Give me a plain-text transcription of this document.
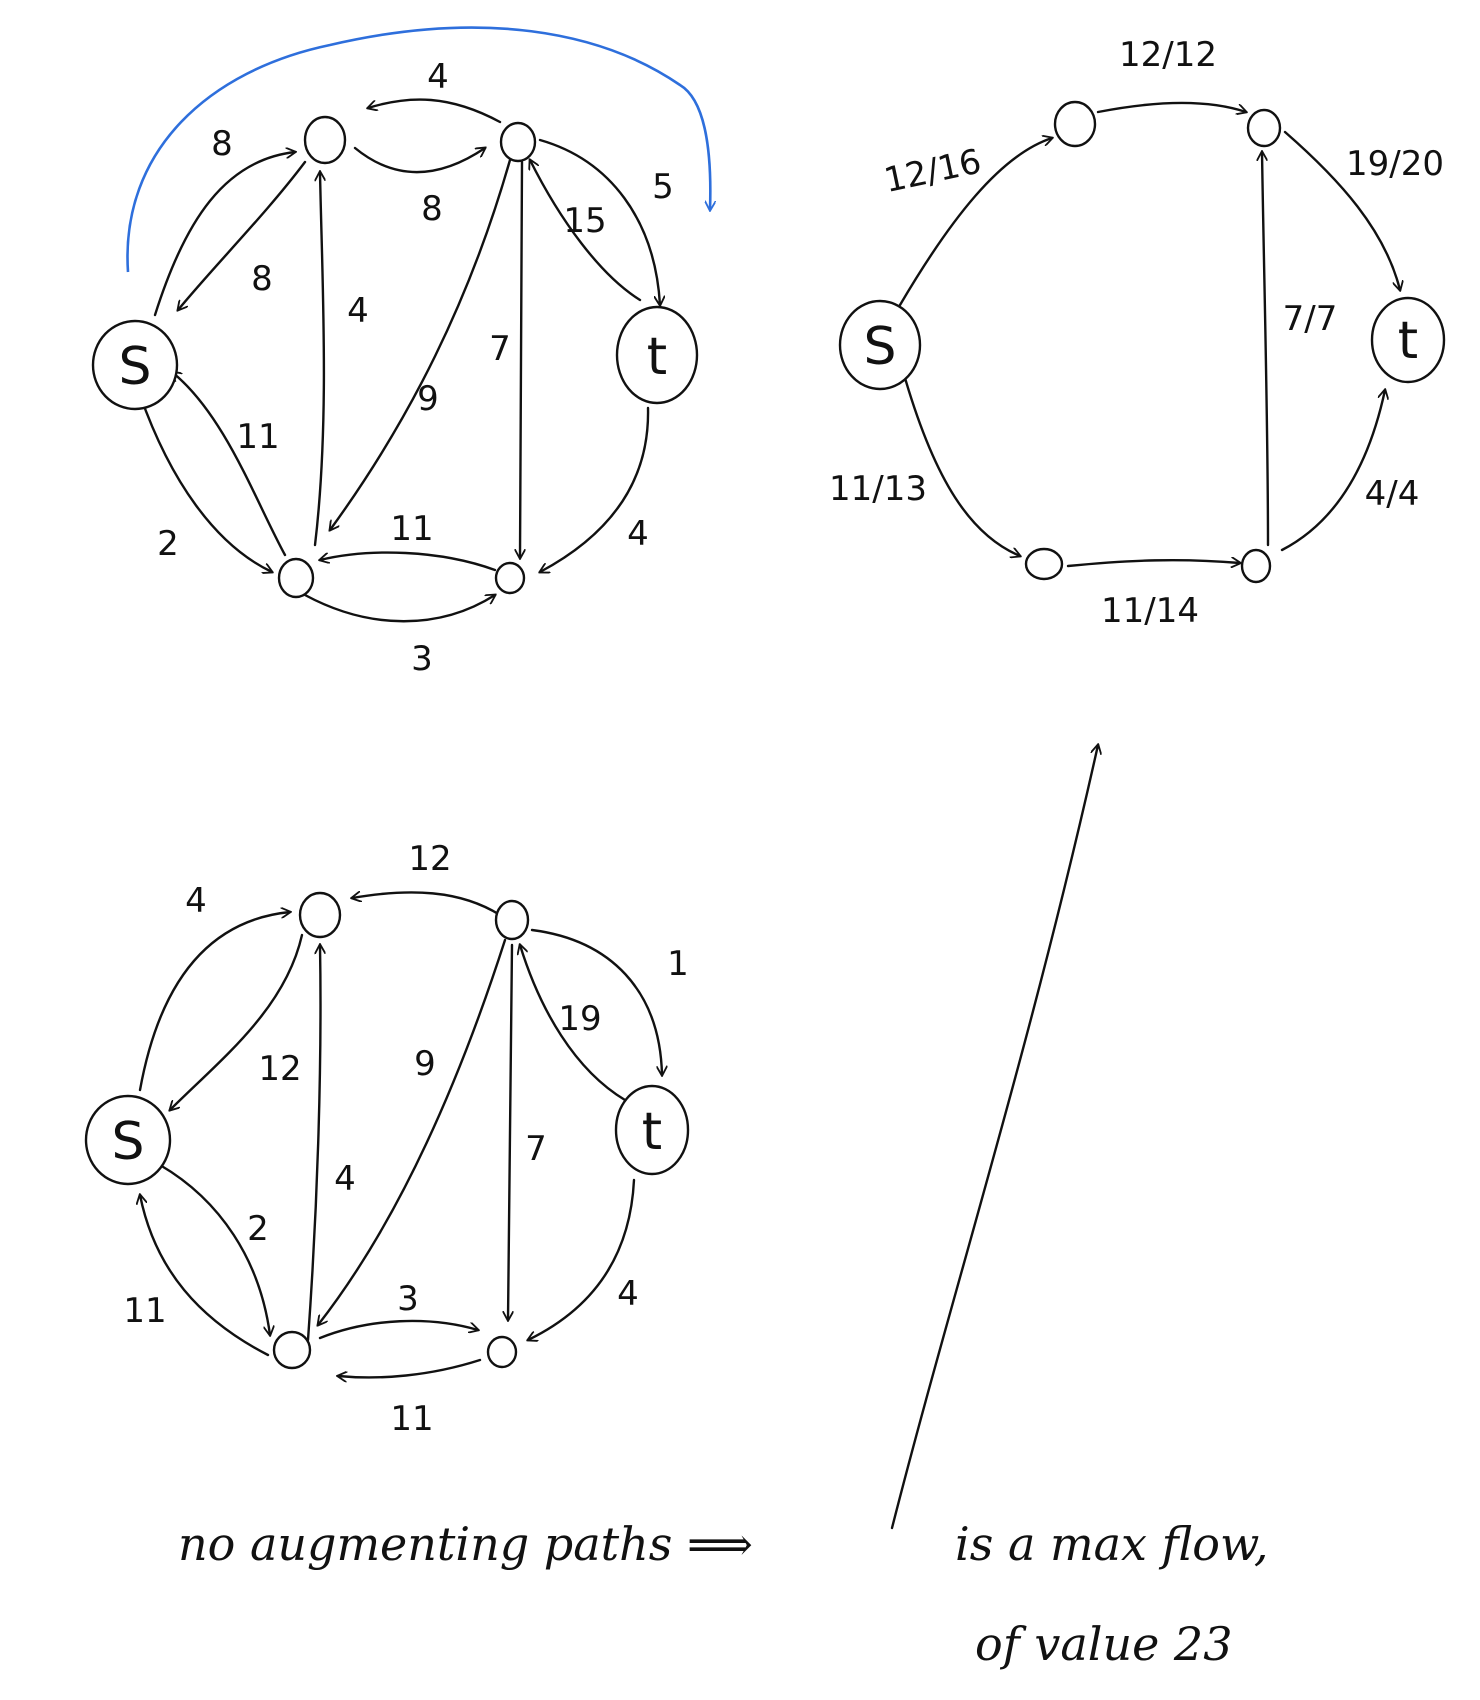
S	t
8
4
8
8
4
9
7
15
5
11
2	11
3
4
S	t
12/16
12/12
19/20
11/13
11/14
7/7
4/4
S	t
12
4
12
4
9
7
19
1
2
11	3
11
4
no augmenting paths ⟹	is a max flow,
of value 23
